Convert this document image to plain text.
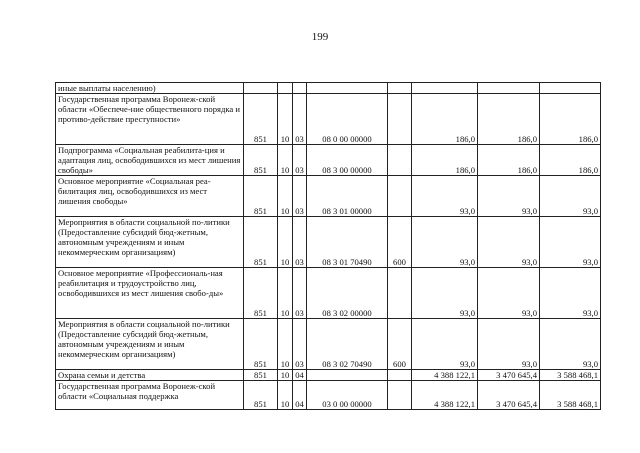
199
иные выплаты населению)								
Государственная программа Воронеж-ской области «Обеспече-ние общественного порядка и противо-действие преступности»	851	10	03	08 0 00 00000		186,0	186,0	186,0
Подпрограмма «Социальная реабилита-ция и адаптация лиц, освободившихся из мест лишения свободы»	851	10	03	08 3 00 00000		186,0	186,0	186,0
Основное мероприятие «Социальная реа-билитация лиц, освободившихся из мест лишения свободы»	851	10	03	08 3 01 00000		93,0	93,0	93,0
Мероприятия в области социальной по-литики (Предоставление субсидий бюд-жетным, автономным учреждениям и иным некоммерческим организациям)	851	10	03	08 3 01 70490	600	93,0	93,0	93,0
Основное мероприятие «Профессиональ-ная реабилитация и трудоустройство лиц, освободившихся из мест лишения свобо-ды»	851	10	03	08 3 02 00000		93,0	93,0	93,0
Мероприятия в области социальной по-литики (Предоставление субсидий бюд-жетным, автономным учреждениям и иным некоммерческим организациям)	851	10	03	08 3 02 70490	600	93,0	93,0	93,0
Охрана семьи и детства	851	10	04			4 388 122,1	3 470 645,4	3 588 468,1
Государственная программа Воронеж-ской области «Социальная поддержка	851	10	04	03 0 00 00000		4 388 122,1	3 470 645,4	3 588 468,1
